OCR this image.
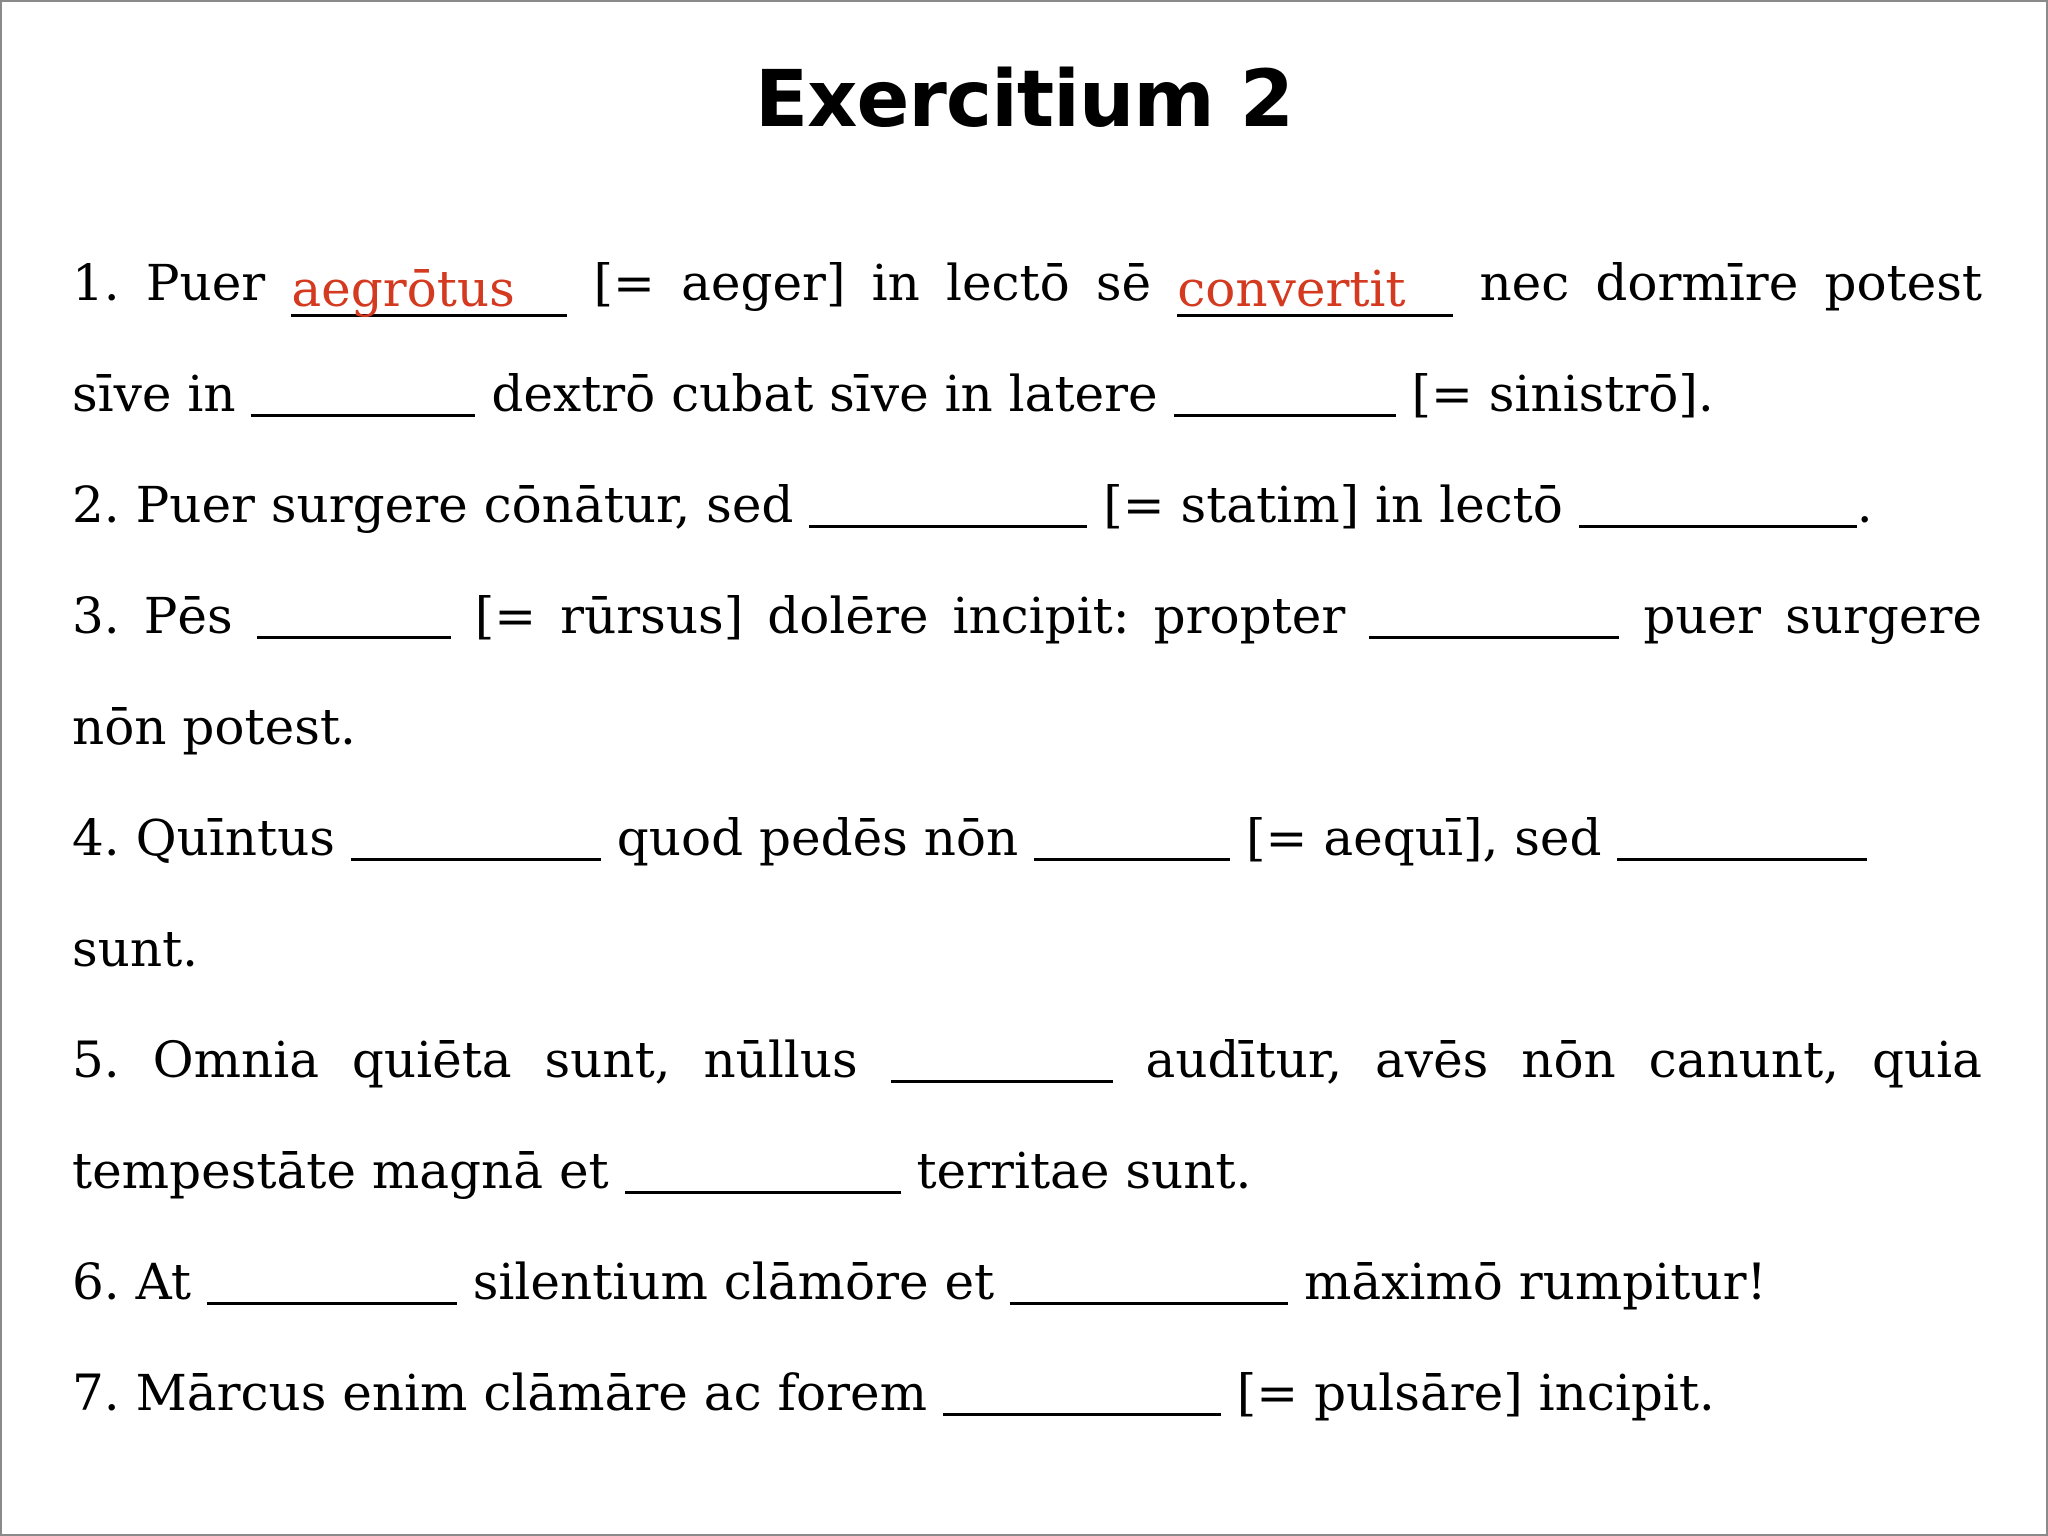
Exercitium 2

1. Puer aegrōtus [= aeger] in lectō sē convertit nec dormīre potest sīve in	dextrō cubat sīve in latere	[= sinistrō].

2. Puer surgere cōnātur, sed	[= statim] in lectō	.

3. Pēs	[= rūrsus] dolēre incipit: propter	puer surgere nōn potest.

4. Quīntus	quod pedēs nōn	[= aequī], sed  sunt.

5. Omnia quiēta sunt, nūllus	audītur, avēs nōn canunt, quia tempestāte magnā et	territae sunt.

6. At	silentium clāmōre et	māximō rumpitur!

7. Mārcus enim clāmāre ac forem	[= pulsāre] incipit.
